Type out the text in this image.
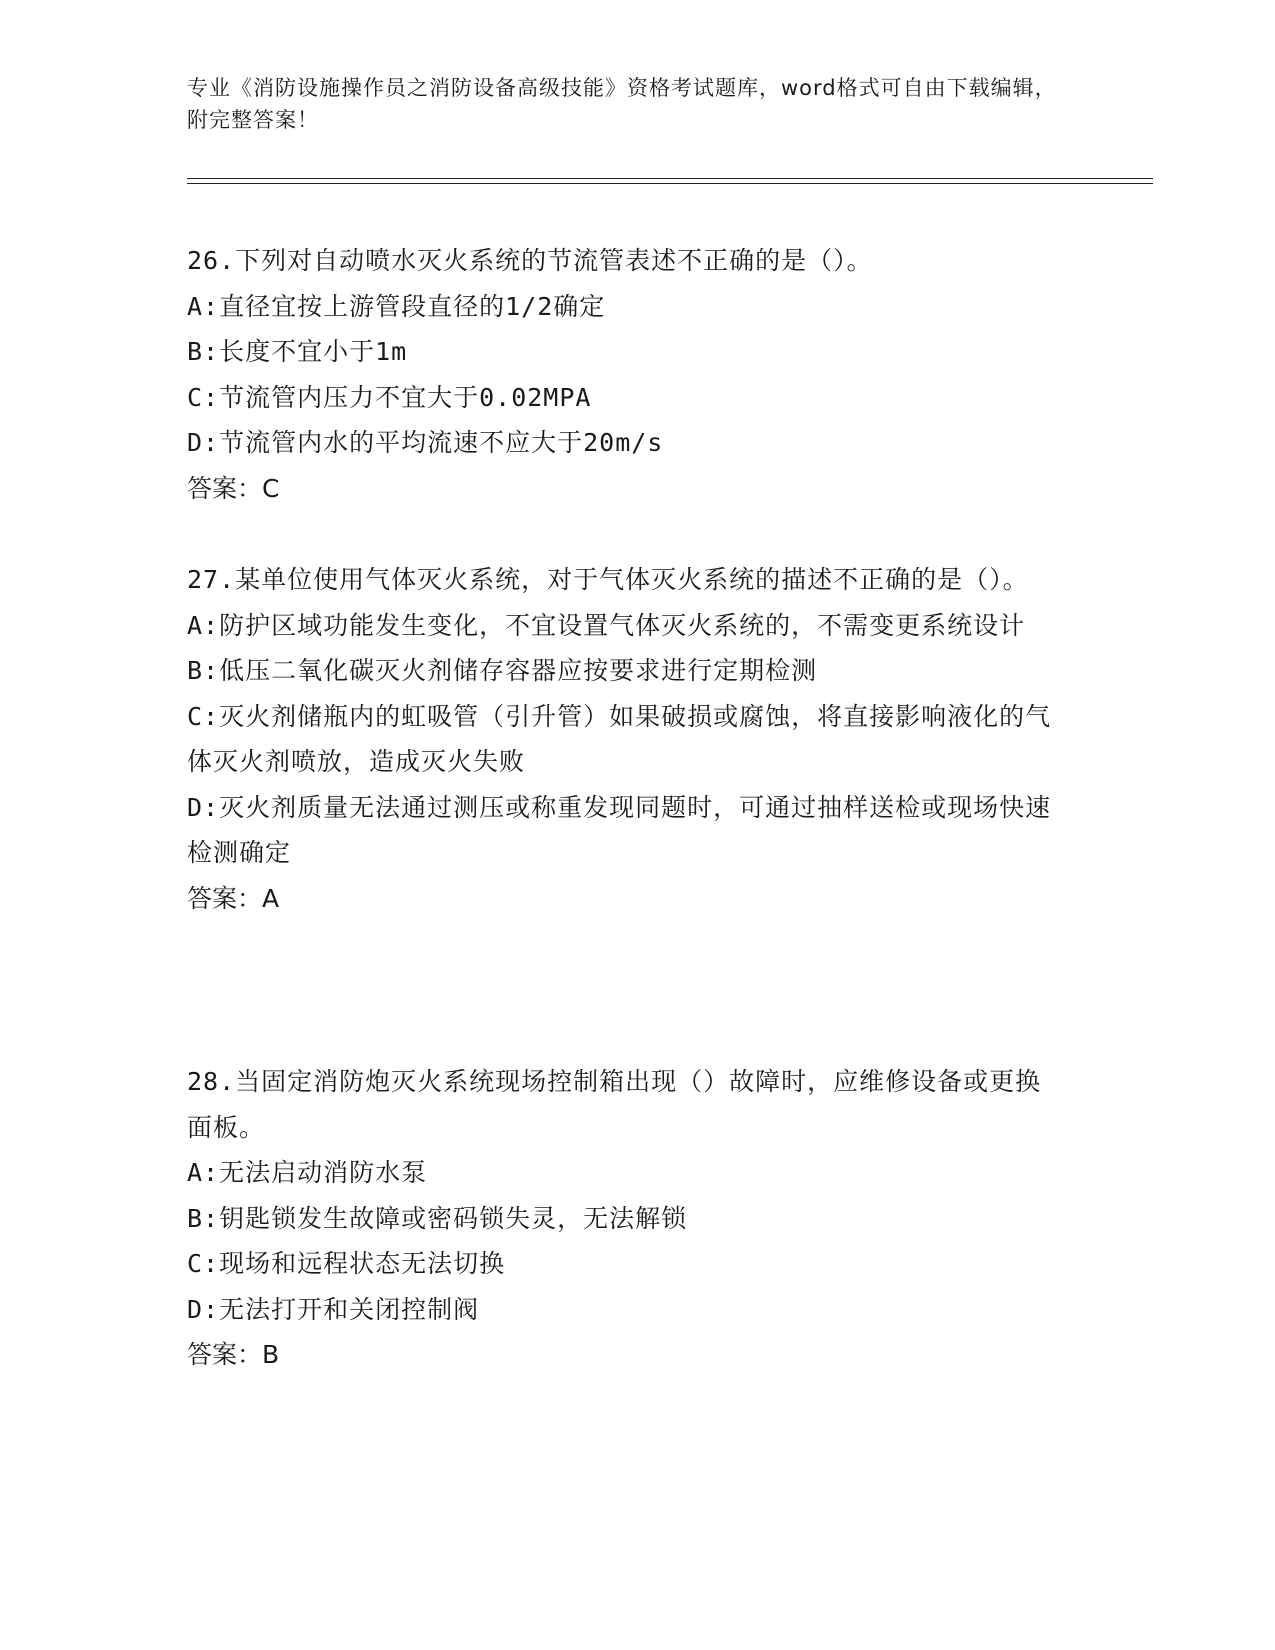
专业《消防设施操作员之消防设备高级技能》资格考试题库，word格式可自由下载编辑，附完整答案！

26.下列对自动喷水灭火系统的节流管表述不正确的是（）。

A:直径宜按上游管段直径的1/2确定

B:长度不宜小于1m

C:节流管内压力不宜大于0.02MPA

D:节流管内水的平均流速不应大于20m/s

答案：C

27.某单位使用气体灭火系统，对于气体灭火系统的描述不正确的是（）。

A:防护区域功能发生变化，不宜设置气体灭火系统的，不需变更系统设计

B:低压二氧化碳灭火剂储存容器应按要求进行定期检测

C:灭火剂储瓶内的虹吸管（引升管）如果破损或腐蚀，将直接影响液化的气体灭火剂喷放，造成灭火失败

D:灭火剂质量无法通过测压或称重发现同题时，可通过抽样送检或现场快速检测确定

答案：A

28.当固定消防炮灭火系统现场控制箱出现（）故障时，应维修设备或更换面板。

A:无法启动消防水泵

B:钥匙锁发生故障或密码锁失灵，无法解锁

C:现场和远程状态无法切换

D:无法打开和关闭控制阀

答案：B
